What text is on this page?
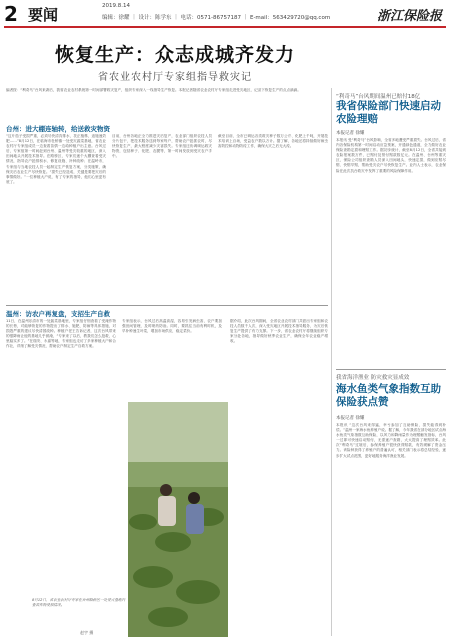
2 要闻	2019.8.14
编辑：徐耀 ｜ 设计：陈学东 ｜ 电话：0571-86757187 ｜ E-mail：563429720@qq.com	浙江保险报
恢复生产：众志成城齐发力
省农业农村厅专家组指导救灾记
编者按：“利奇马”台风来袭后，我省农业农村系统第一时间部署救灾复产，组织专家深入一线指导生产恢复。本报记者随省农业农村厅专家组走进受灾地区，记录下恢复生产的点点滴滴。
台州：进大棚连轴转，给送救灾物资
“这片茄子受损严重，必须尽快清沟排水，扶正植株，追施速效肥……”8月12日，在临海市杜桥镇一处受灾蔬菜基地，省农业农村厅专家组成员一边查看苗情一边给种植户出主意。台风过后，专家组第一时间赶到台州、温州等受灾较重的地区，深入田间地头开展技术指导。在路桥区，专家们逐个大棚查看受灾情况，指导农户抢排积水、修复设施、补种改种；在温岭市，专家组与当地农技人员一起制定生产恢复方案，分类施策，确保灾后农业生产尽快恢复。“损失已经造成，关键是要把灾后的事情做好。”一位种植大户说，有了专家的指导，他们心里更有底了。
目前，台州各地正全力推进灾后复产，农业部门组织农技人员分片包干，把技术服务送到每家每户，帮助农户抢抓农时，尽快恢复生产，最大程度减少灾害损失。专家组还协调调运救灾物资，包括种子、化肥、农膜等，第一时间发放到受灾农户手中。
截至目前，全市已调运各类救灾种子数万公斤、化肥上千吨，开展技术培训上百场，受益农户数以万计。据了解，各地还将持续做好病虫害防控和动物防疫工作，确保大灾之后无大疫。
温州：访农户再复盘，支招生产自救
11日，在温州乐清市的一处蔬菜基地里，专家组仔细查看了受淹作物的长势，对能够恢复的作物提出了排水、施肥、防病等具体措施，对损毁严重的建议尽快清园改种。种植户老王告诉记者，这次台风带来的强降雨让他的基地几乎被淹，“专家来了以后，教我们怎么抢救，心里踏实多了。”在瑞安、永嘉等地，专家组也走访了多家种植大户和合作社，详细了解受灾情况，帮助农户制定生产自救方案。
专家组表示，台风过后高温高湿，容易引发病虫害，农户要加强田间管理，及时喷药防治。同时，要抓住当前有利时机，及早补种速生叶菜，增加市场供应，稳定菜价。
据介绍，此次台风期间，全省农业农村部门共派出专家组和农技人员数千人次，深入受灾地区开展技术指导服务，为灾后恢复生产提供了有力支撑。下一步，省农业农村厅将继续组织专家分赴各地，指导做好秋季农业生产，确保全年农业稳产增收。
8月12日，省农业农村厅专家在台州路桥区一处受灾基地内查看作物受损情况。
赵宇 摄
“利奇马”台风期间温州已赔付18亿
我省保险部门快速启动农险理赔
本报记者 徐耀
本报讯 受“利奇马”台风影响，全省多地遭受严重损失。台风过后，省内各保险机构第一时间启动应急预案，开通绿色通道，全力做好农业保险查勘定损和理赔工作。据初步统计，截至8月12日，全省共接到农险报案数万件，已赔付及预付赔款数亿元。在温州、台州等重灾区，保险公司组织查勘人员深入田间地头，快速定损，做到应赔尽赔、快赔早赔，帮助受灾农户尽快恢复生产。业内人士表示，农业保险在此次抗台救灾中发挥了重要的风险保障作用。
我省海洋渔业 防灾救灾显成效
海水鱼类气象指数互助保险获点赞
本报记者 徐耀
本报讯 “这次台风来得猛，幸亏参加了互助保险，损失能得到补偿。”温州一家海水鱼养殖户说。据了解，今年我省在部分地区试点海水鱼类气象指数互助保险，以风力和降雨量作为理赔触发指标，台风一过即可快速启动赔付，无需逐户查勘，大大提高了理赔效率。此次“利奇马”过境后，参保养殖户很快获得赔款，有效缓解了资金压力。该险种获得了养殖户的普遍认可，相关部门表示将总结经验，逐步扩大试点范围，更好地服务海洋渔业发展。
